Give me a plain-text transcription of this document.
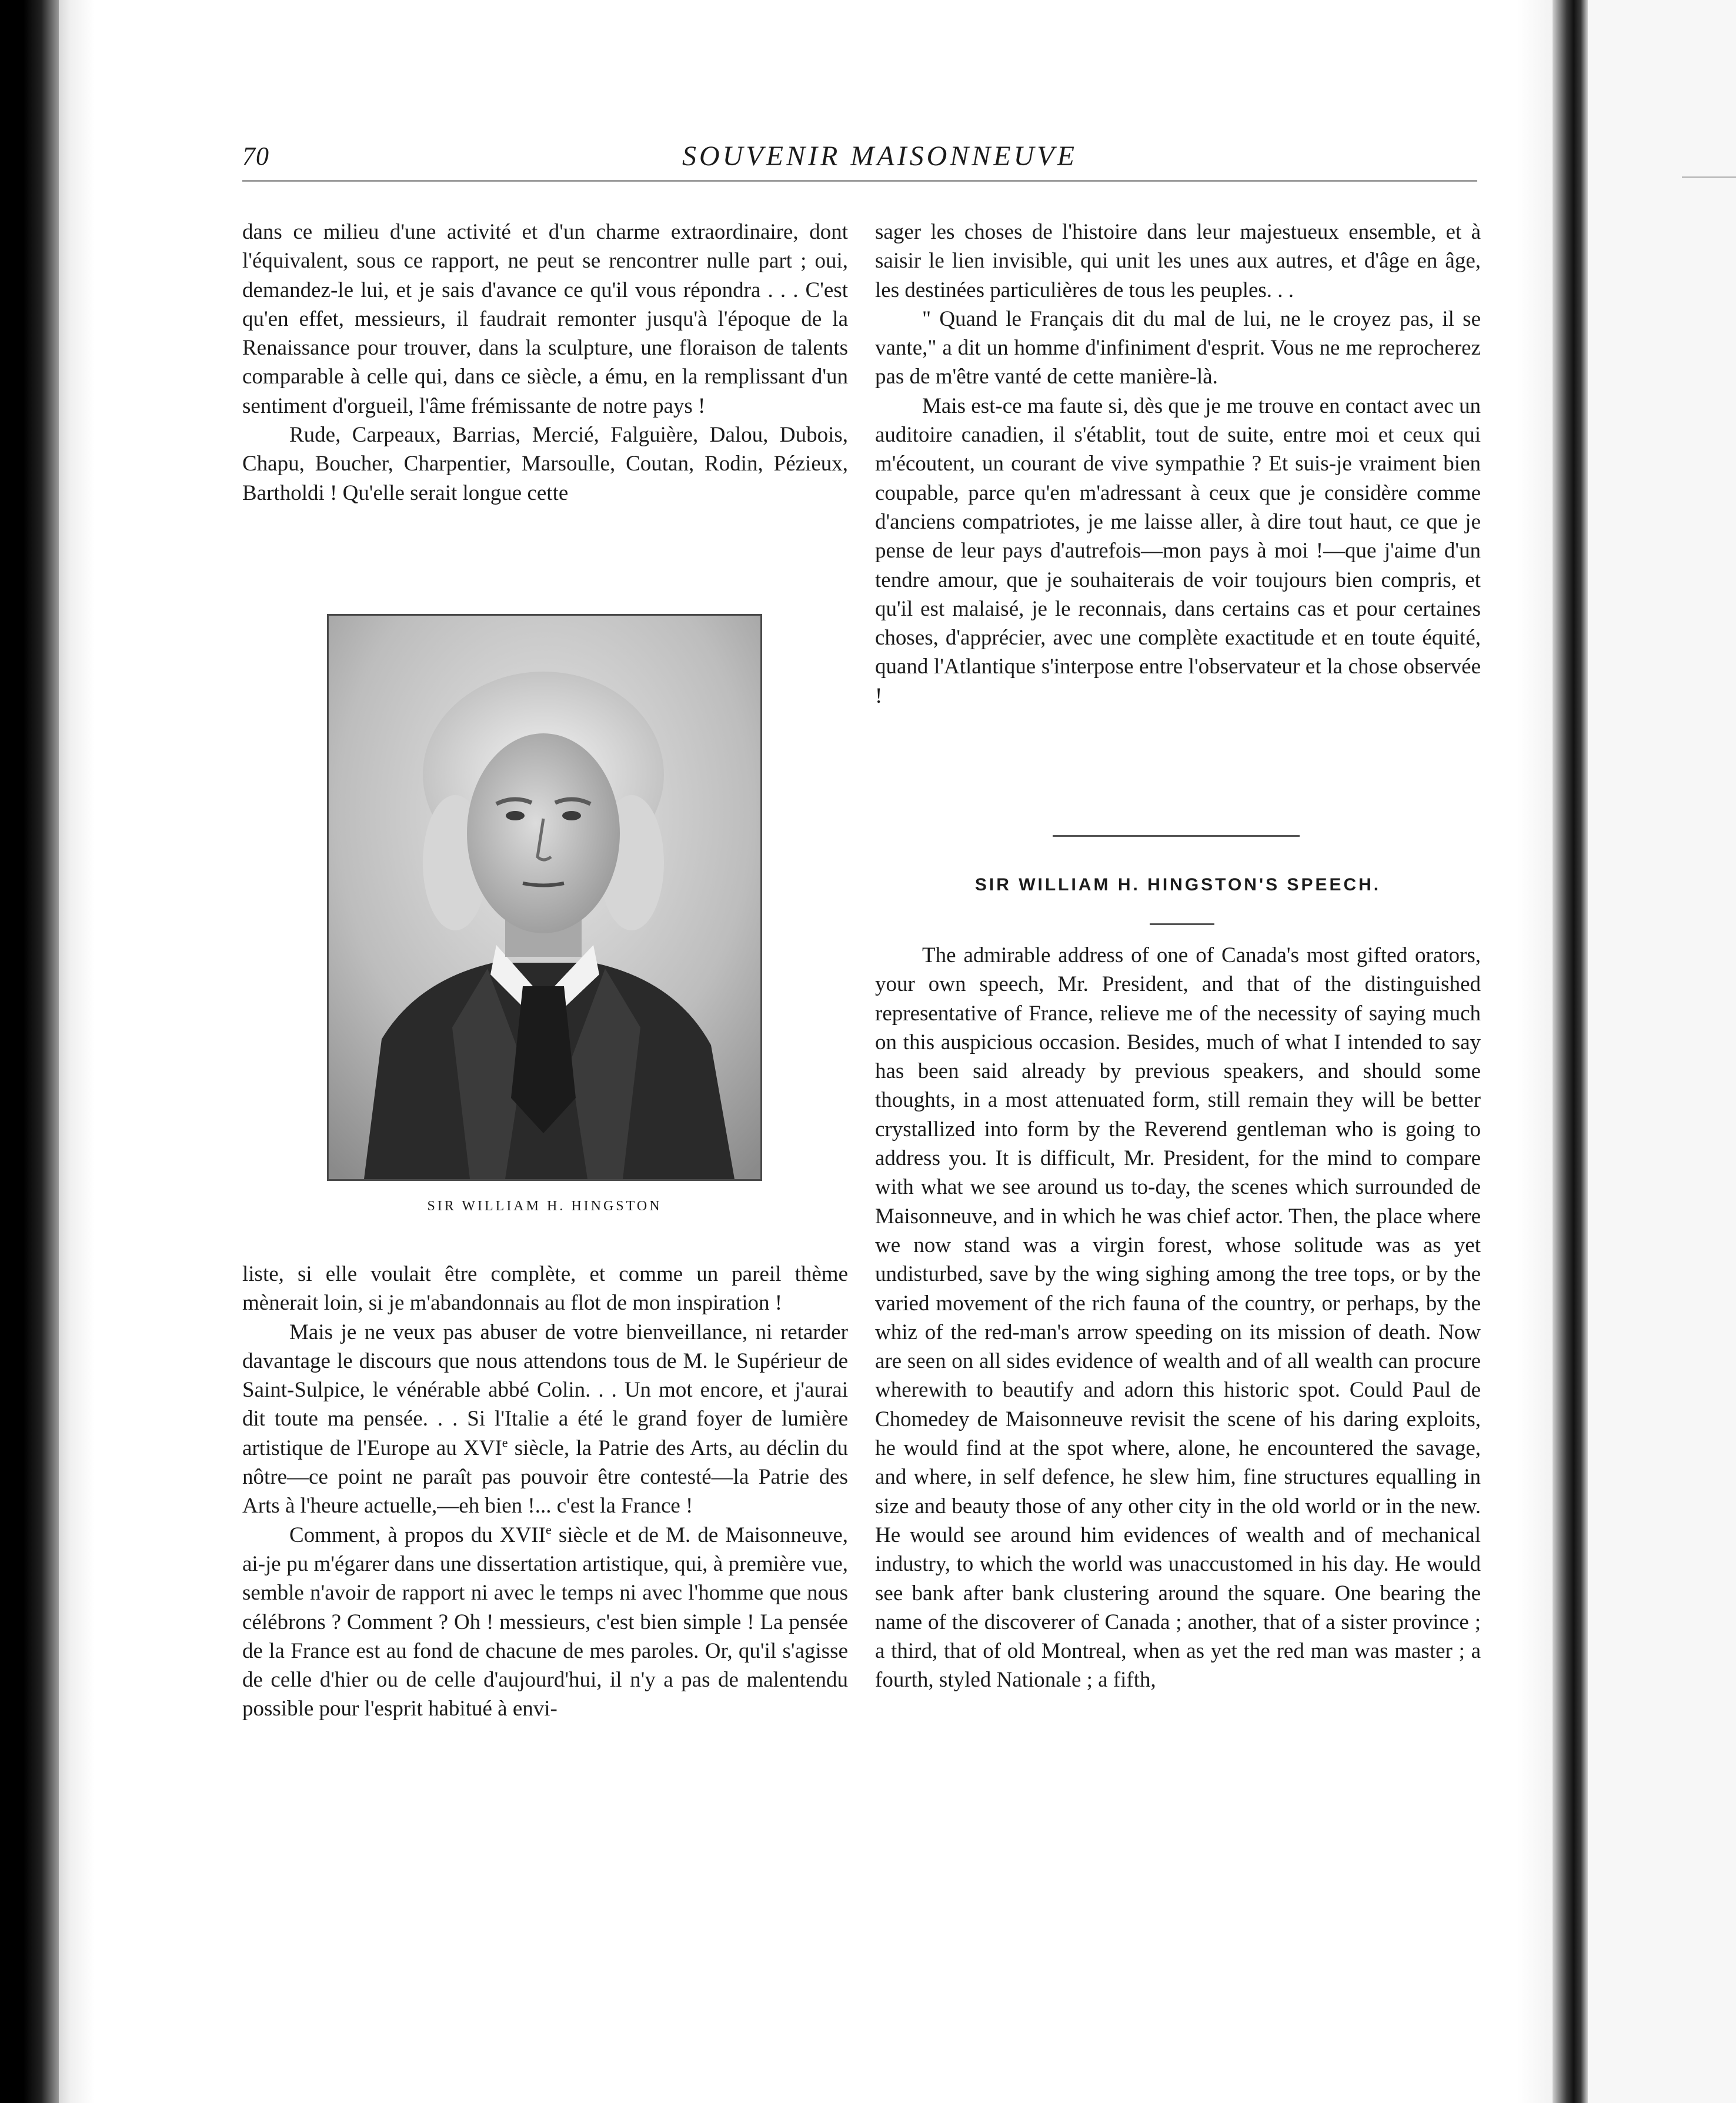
70	SOUVENIR MAISONNEUVE

dans ce milieu d'une activité et d'un charme extraordinaire, dont l'équivalent, sous ce rapport, ne peut se rencontrer nulle part ; oui, demandez-le lui, et je sais d'avance ce qu'il vous répondra . . . C'est qu'en effet, messieurs, il faudrait remonter jusqu'à l'époque de la Renaissance pour trouver, dans la sculpture, une floraison de talents comparable à celle qui, dans ce siècle, a ému, en la remplissant d'un sentiment d'orgueil, l'âme frémissante de notre pays !

Rude, Carpeaux, Barrias, Mercié, Falguière, Dalou, Dubois, Chapu, Boucher, Charpentier, Marsoulle, Coutan, Rodin, Pézieux, Bartholdi ! Qu'elle serait longue cette

SIR WILLIAM H. HINGSTON

liste, si elle voulait être complète, et comme un pareil thème mènerait loin, si je m'abandonnais au flot de mon inspiration !

Mais je ne veux pas abuser de votre bienveillance, ni retarder davantage le discours que nous attendons tous de M. le Supérieur de Saint-Sulpice, le vénérable abbé Colin. . . Un mot encore, et j'aurai dit toute ma pensée. . . Si l'Italie a été le grand foyer de lumière artistique de l'Europe au XVIe siècle, la Patrie des Arts, au déclin du nôtre—ce point ne paraît pas pouvoir être contesté—la Patrie des Arts à l'heure actuelle,—eh bien !... c'est la France !

Comment, à propos du XVIIe siècle et de M. de Maisonneuve, ai-je pu m'égarer dans une dissertation artistique, qui, à première vue, semble n'avoir de rapport ni avec le temps ni avec l'homme que nous célébrons ? Comment ? Oh ! messieurs, c'est bien simple ! La pensée de la France est au fond de chacune de mes paroles. Or, qu'il s'agisse de celle d'hier ou de celle d'aujourd'hui, il n'y a pas de malentendu possible pour l'esprit habitué à envi-

sager les choses de l'histoire dans leur majestueux ensemble, et à saisir le lien invisible, qui unit les unes aux autres, et d'âge en âge, les destinées particulières de tous les peuples. . .

" Quand le Français dit du mal de lui, ne le croyez pas, il se vante," a dit un homme d'infiniment d'esprit. Vous ne me reprocherez pas de m'être vanté de cette manière-là.

Mais est-ce ma faute si, dès que je me trouve en contact avec un auditoire canadien, il s'établit, tout de suite, entre moi et ceux qui m'écoutent, un courant de vive sympathie ? Et suis-je vraiment bien coupable, parce qu'en m'adressant à ceux que je considère comme d'anciens compatriotes, je me laisse aller, à dire tout haut, ce que je pense de leur pays d'autrefois—mon pays à moi !—que j'aime d'un tendre amour, que je souhaiterais de voir toujours bien compris, et qu'il est malaisé, je le reconnais, dans certains cas et pour certaines choses, d'apprécier, avec une complète exactitude et en toute équité, quand l'Atlantique s'interpose entre l'observateur et la chose observée !

SIR WILLIAM H. HINGSTON'S SPEECH.

The admirable address of one of Canada's most gifted orators, your own speech, Mr. President, and that of the distinguished representative of France, relieve me of the necessity of saying much on this auspicious occasion. Besides, much of what I intended to say has been said already by previous speakers, and should some thoughts, in a most attenuated form, still remain they will be better crystallized into form by the Reverend gentleman who is going to address you. It is difficult, Mr. President, for the mind to compare with what we see around us to-day, the scenes which surrounded de Maisonneuve, and in which he was chief actor. Then, the place where we now stand was a virgin forest, whose solitude was as yet undisturbed, save by the wing sighing among the tree tops, or by the varied movement of the rich fauna of the country, or perhaps, by the whiz of the red-man's arrow speeding on its mission of death. Now are seen on all sides evidence of wealth and of all wealth can procure wherewith to beautify and adorn this historic spot. Could Paul de Chomedey de Maisonneuve revisit the scene of his daring exploits, he would find at the spot where, alone, he encountered the savage, and where, in self defence, he slew him, fine structures equalling in size and beauty those of any other city in the old world or in the new. He would see around him evidences of wealth and of mechanical industry, to which the world was unaccustomed in his day. He would see bank after bank clustering around the square. One bearing the name of the discoverer of Canada ; another, that of a sister province ; a third, that of old Montreal, when as yet the red man was master ; a fourth, styled Nationale ; a fifth,
